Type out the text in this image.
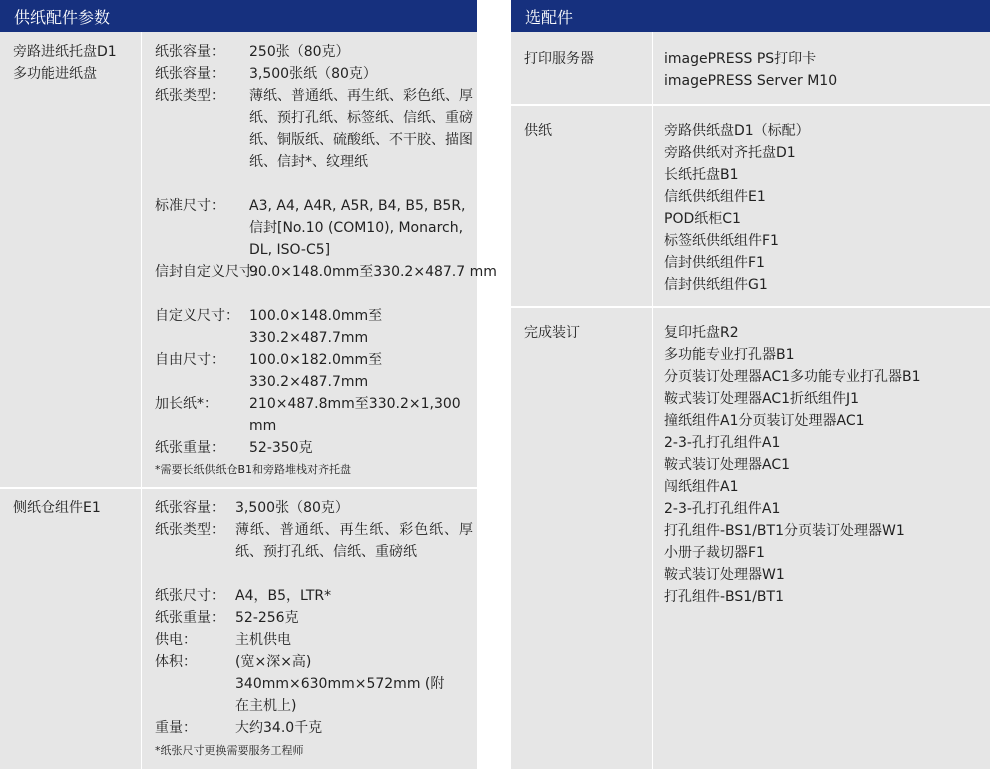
供纸配件参数
旁路进纸托盘D1 多功能进纸盘
纸张容量：	250张（80克）
纸张容量：	3,500张纸（80克）
纸张类型：	薄纸、普通纸、再生纸、彩色纸、厚纸、预打孔纸、标签纸、信纸、重磅纸、铜版纸、硫酸纸、不干胶、描图纸、信封*、纹理纸
标准尺寸：	A3, A4, A4R, A5R, B4, B5, B5R, 信封[No.10 (COM10), Monarch, DL, ISO-C5]
信封自定义尺寸：
90.0×148.0mm至330.2×487.7 mm
自定义尺寸： 100.0×148.0mm至330.2×487.7mm
自由尺寸：	100.0×182.0mm至330.2×487.7mm
加长纸*：	210×487.8mm至330.2×1,300mm
纸张重量：	52-350克
*需要长纸供纸仓B1和旁路堆栈对齐托盘
侧纸仓组件E1	纸张容量： 3,500张（80克）
纸张类型： 薄纸、普通纸、再生纸、彩色纸、厚纸、预打孔纸、信纸、重磅纸
纸张尺寸： A4，B5，LTR*
纸张重量： 52-256克
供电：	主机供电
体积：	(宽×深×高) 340mm×630mm×572mm (附在主机上)
重量：	大约34.0千克
*纸张尺寸更换需要服务工程师
选配件
打印服务器	imagePRESS PS打印卡
imagePRESS Server M10
供纸	旁路供纸盘D1（标配）
旁路供纸对齐托盘D1
长纸托盘B1
信纸供纸组件E1
POD纸柜C1
标签纸供纸组件F1
信封供纸组件F1
信封供纸组件G1
完成装订	复印托盘R2
多功能专业打孔器B1
分页装订处理器AC1多功能专业打孔器B1
鞍式装订处理器AC1折纸组件J1
撞纸组件A1分页装订处理器AC1
2-3-孔打孔组件A1
鞍式装订处理器AC1
闯纸组件A1
2-3-孔打孔组件A1
打孔组件-BS1/BT1分页装订处理器W1
小册子裁切器F1
鞍式装订处理器W1
打孔组件-BS1/BT1
